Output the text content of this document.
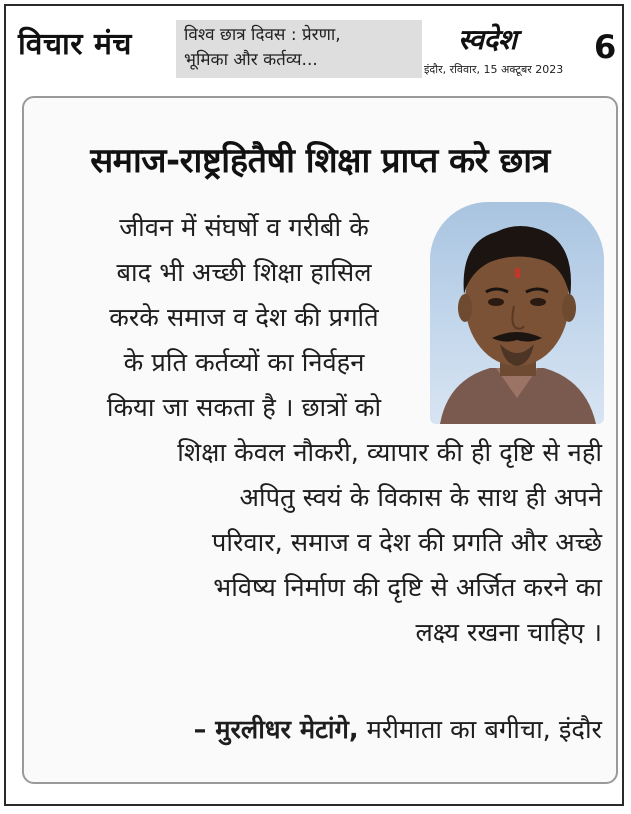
विचार मंच	विश्व छात्र दिवस : प्रेरणा,
भूमिका और कर्तव्य...
स्वदेश
इंदौर, रविवार, 15 अक्टूबर 2023
6
समाज-राष्ट्रहितैषी शिक्षा प्राप्त करे छात्र
जीवन में संघर्षो व गरीबी के
बाद भी अच्छी शिक्षा हासिल
करके समाज व देश की प्रगति
के प्रति कर्तव्यों का निर्वहन
किया जा सकता है । छात्रों को
शिक्षा केवल नौकरी, व्यापार की ही दृष्टि से नही
अपितु स्वयं के विकास के साथ ही अपने
परिवार, समाज व देश की प्रगति और अच्छे
भविष्य निर्माण की दृष्टि से अर्जित करने का
लक्ष्य रखना चाहिए ।
– मुरलीधर मेटांगे, मरीमाता का बगीचा, इंदौर
